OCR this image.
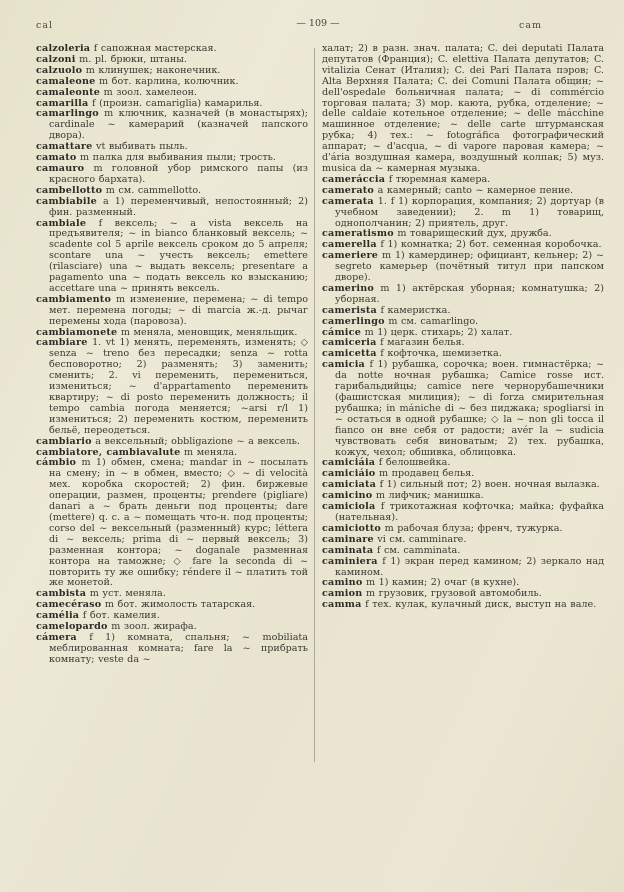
cal	— 109 —	cam

calzoleria f сапожная мастерская.

calzoni m. pl. брюки, штаны.

calzuolo m клинушек; наконечник.

camaleone m бот. карлина, колючник.

camaleonte m зоол. хамелеон.

camarilla f (произн. camariglia) камарилья.

camarlingo m ключник, казначей (в монастырях); cardinale ~ камерарий (казначей папского двора).

camattare vt выбивать пыль.

camato m палка для выбивания пыли; трость.

camauro m головной убор римского папы (из красного бархата).

cambellotto m см. cammellotto.

cambiabile a 1) переменчивый, непостоянный; 2) фин. разменный.

cambiale f вексель; ~ a vista вексель на предъявителя; ~ in bianco бланковый вексель; ~ scadente col 5 aprile вексель сроком до 5 апреля; scontare una ~ учесть вексель; emettere (rilasciare) una ~ выдать вексель; presentare a pagamento una ~ подать вексель ко взысканию; accettare una ~ принять вексель.

cambiamento m изменение, перемена; ~ di tempo мет. перемена погоды; ~ di marcia ж.-д. рычаг перемены хода (паровоза).

cambiamonete m меняла, меновщик, меняльщик.

cambiare 1. vt 1) менять, переменять, изменять; ◇ senza ~ treno без пересадки; senza ~ rotta бесповоротно; 2) разменять; 3) заменить; сменить; 2. vi переменить, перемениться, измениться; ~ d'appartamento переменить квартиру; ~ di posto переменить должность; il tempo cambia погода меняется; ~arsi r/l 1) измениться; 2) переменить костюм, переменить бельё, переодеться.

cambiario a вексельный; obbligazione ~ а вексель.

cambiatore, cambiavalute m меняла.

cámbio m 1) обмен, смена; mandar in ~ посылать на смену; in ~ в обмен, вместо; ◇ ~ di velocità мех. коробка скоростей; 2) фин. биржевые операции, размен, проценты; prendere (pigliare) danari a ~ брать деньги под проценты; dare (mettere) q. c. a ~ помещать что-н. под проценты; corso del ~ вексельный (разменный) курс; léttera di ~ вексель; prima di ~ первый вексель; 3) разменная контора; ~ doganale разменная контора на таможне; ◇ fare la seconda di ~ повторить ту же ошибку; réndere il ~ платить той же монетой.

cambista m уст. меняла.

camecéraso m бот. жимолость татарская.

camélia f бот. камелия.

camelopardo m зоол. жирафа.

cámera f 1) комната, спальня; ~ mobiliata меблированная комната; fare la ~ прибрать комнату; veste da ~

халат; 2) в разн. знач. палата; C. dei deputati Палата депутатов (Франция); C. elettiva Палата депутатов; C. vitalizia Сенат (Италия); C. dei Pari Палата пэров; C. Alta Верхняя Палата; C. dei Comuni Палата общин; ~ dell'ospedale больничная палата; ~ di commércio торговая палата; 3) мор. каюта, рубка, отделение; ~ delle caldaie котельное отделение; ~ delle mácchine машинное отделение; ~ delle carte штурманская рубка; 4) тех.: ~ fotográfica фотографический аппарат; ~ d'acqua, ~ di vapore паровая камера; ~ d'ária воздушная камера, воздушный колпак; 5) муз. musica da ~ камерная музыка.

cameráccia f тюремная камера.

camerato a камерный; canto ~ камерное пение.

camerata 1. f 1) корпорация, компания; 2) дортуар (в учебном заведении); 2. m 1) товарищ, однополчанин; 2) приятель, друг.

cameratismo m товарищеский дух, дружба.

camerella f 1) комнатка; 2) бот. семенная коробочка.

cameriere m 1) камердинер; официант, кельнер; 2) ~ segreto камерьер (почётный титул при папском дворе).

camerino m 1) актёрская уборная; комнатушка; 2) уборная.

camerista f камеристка.

camerlingo m см. camarlingo.

cámice m 1) церк. стихарь; 2) халат.

camiceria f магазин белья.

camicetta f кофточка, шемизетка.

camicia f 1) рубашка, сорочка; воен. гимнастёрка; ~ da notte ночная рубашка; Camice rosse ист. гарибальдийцы; camice nere чернорубашечники (фашистская милиция); ~ di forza смирительная рубашка; in mániche di ~ без пиджака; spogliarsi in ~ остаться в одной рубашке; ◇ la ~ non gli tocca il fianco он вне себя от радости; avér la ~ sudicia чувствовать себя виноватым; 2) тех. рубашка, кожух, чехол; обшивка, облицовка.

camiciáia f белошвейка.

camiciáio m продавец белья.

camiciata f 1) сильный пот; 2) воен. ночная вылазка.

camicino m лифчик; манишка.

camiciola f трикотажная кофточка; майка; фуфайка (нательная).

camiciotto m рабочая блуза; френч, тужурка.

caminare vi см. camminare.

caminata f см. camminata.

caminiera f 1) экран перед камином; 2) зеркало над камином.

camino m 1) камин; 2) очаг (в кухне).

camion m грузовик, грузовой автомобиль.

camma f тех. кулак, кулачный диск, выступ на вале.
